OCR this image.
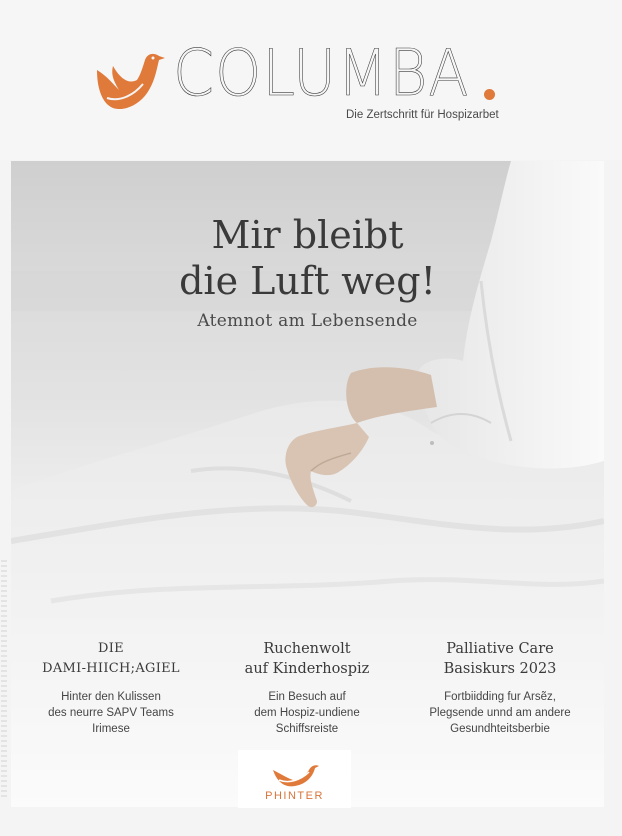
COLUMBA
Die Zertschritt für Hospizarbet
Mir bleibt
die Luft weg!
Atemnot am Lebensende
DIE
DAMI-HIICH;AGIEL
Hinter den Kulissen
des neurre SAPV Teams
Irimese
Ruchenwolt
auf Kinderhospiz
Ein Besuch auf
dem Hospiz-undiene
Schiffsreiste
Palliative Care
Basiskurs 2023
Fortbiidding fur Arsẽz,
Plegsende unnd am andere
Gesundhteitsberbie
PHINTER
